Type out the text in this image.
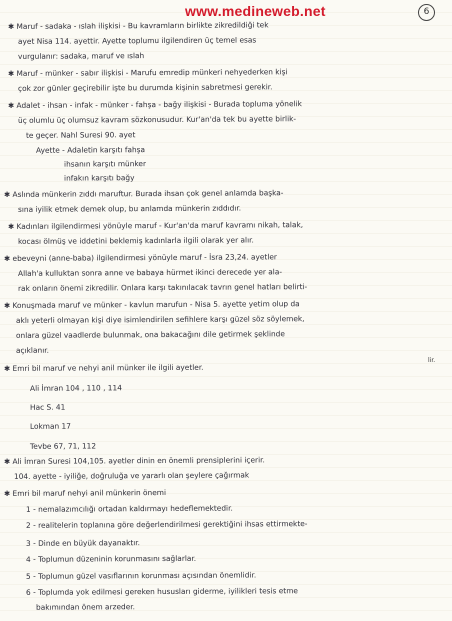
www.medineweb.net	6
✱ Maruf - sadaka - ıslah ilişkisi - Bu kavramların birlikte zikredildiği tek
ayet Nisa 114. ayettir. Ayette toplumu ilgilendiren üç temel esas
vurgulanır: sadaka, maruf ve ıslah
✱ Maruf - münker - sabır ilişkisi - Marufu emredip münkeri nehyederken kişi
çok zor günler geçirebilir işte bu durumda kişinin sabretmesi gerekir.
✱ Adalet - ihsan - infak - münker - fahşa - bağy ilişkisi - Burada topluma yönelik
üç olumlu üç olumsuz kavram sözkonusudur. Kur'an'da tek bu ayette birlik-
te geçer. Nahl Suresi 90. ayet
Ayette - Adaletin karşıtı fahşa
ihsanın karşıtı münker
infakın karşıtı bağy
✱ Aslında münkerin zıddı maruftur. Burada ihsan çok genel anlamda başka-
sına iyilik etmek demek olup, bu anlamda münkerin zıddıdır.
✱ Kadınları ilgilendirmesi yönüyle maruf - Kur'an'da maruf kavramı nikah, talak,
kocası ölmüş ve iddetini beklemiş kadınlarla ilgili olarak yer alır.
✱ ebeveyni (anne-baba) ilgilendirmesi yönüyle maruf - İsra 23,24. ayetler
Allah'a kulluktan sonra anne ve babaya hürmet ikinci derecede yer ala-
rak onların önemi zikredilir. Onlara karşı takınılacak tavrın genel hatları belirti-
✱ Konuşmada maruf ve münker - kavlun marufun - Nisa 5. ayette yetim olup da
aklı yeterli olmayan kişi diye isimlendirilen sefihlere karşı güzel söz söylemek,
onlara güzel vaadlerde bulunmak, ona bakacağını dile getirmek şeklinde
açıklanır.
✱ Emri bil maruf ve nehyi anil münker ile ilgili ayetler.
Ali İmran 104 , 110 , 114
Hac S. 41
Lokman 17
Tevbe 67, 71, 112
✱ Ali İmran Suresi 104,105. ayetler dinin en önemli prensiplerini içerir.
104. ayette - iyiliğe, doğruluğa ve yararlı olan şeylere çağırmak
✱ Emri bil maruf nehyi anil münkerin önemi
1 - nemalazımcılığı ortadan kaldırmayı hedeflemektedir.
2 - realitelerin toplanına göre değerlendirilmesi gerektiğini ihsas ettirmekte-
3 - Dinde en büyük dayanaktır.
4 - Toplumun düzeninin korunmasını sağlarlar.
5 - Toplumun güzel vasıflarının korunması açısından önemlidir.
6 - Toplumda yok edilmesi gereken hususları giderme, iyilikleri tesis etme
bakımından önem arzeder.
lir.
